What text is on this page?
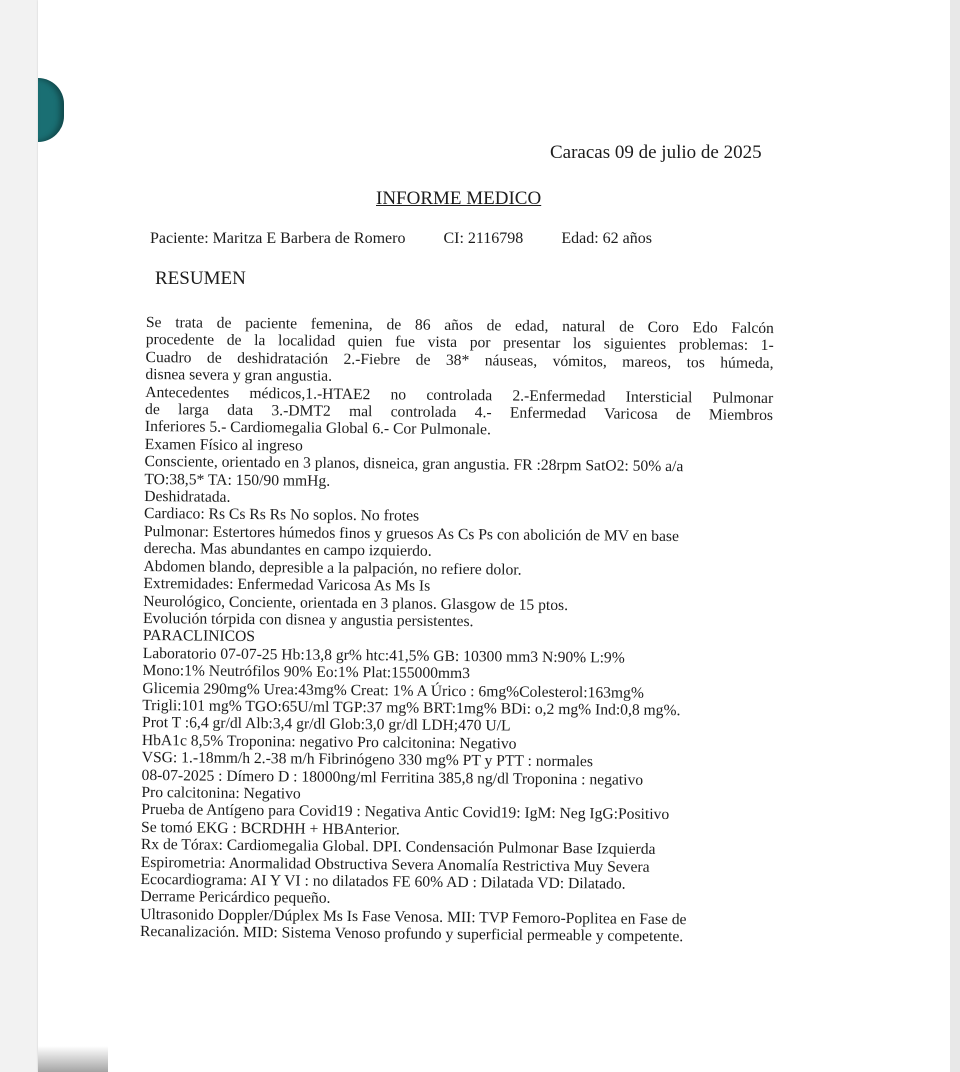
Caracas 09 de julio de 2025
INFORME MEDICO
Paciente: Maritza E Barbera de Romero CI: 2116798 Edad: 62 años
RESUMEN
Se trata de paciente femenina, de 86 años de edad, natural de Coro Edo Falcón
procedente de la localidad quien fue vista por presentar los siguientes problemas: 1-
Cuadro de deshidratación 2.-Fiebre de 38* náuseas, vómitos, mareos, tos húmeda,
disnea severa y gran angustia.
Antecedentes médicos,1.-HTAE2 no controlada 2.-Enfermedad Intersticial Pulmonar
de larga data 3.-DMT2 mal controlada 4.- Enfermedad Varicosa de Miembros
Inferiores 5.- Cardiomegalia Global 6.- Cor Pulmonale.
Examen Físico al ingreso
Consciente, orientado en 3 planos, disneica, gran angustia. FR :28rpm SatO2: 50% a/a
TO:38,5* TA: 150/90 mmHg.
Deshidratada.
Cardiaco: Rs Cs Rs Rs No soplos. No frotes
Pulmonar: Estertores húmedos finos y gruesos As Cs Ps con abolición de MV en base
derecha. Mas abundantes en campo izquierdo.
Abdomen blando, depresible a la palpación, no refiere dolor.
Extremidades: Enfermedad Varicosa As Ms Is
Neurológico, Conciente, orientada en 3 planos. Glasgow de 15 ptos.
Evolución tórpida con disnea y angustia persistentes.
PARACLINICOS
Laboratorio 07-07-25 Hb:13,8 gr% htc:41,5% GB: 10300 mm3 N:90% L:9%
Mono:1% Neutrófilos 90% Eo:1% Plat:155000mm3
Glicemia 290mg% Urea:43mg% Creat: 1% A Úrico : 6mg%Colesterol:163mg%
Trigli:101 mg% TGO:65U/ml TGP:37 mg% BRT:1mg% BDi: o,2 mg% Ind:0,8 mg%.
Prot T :6,4 gr/dl Alb:3,4 gr/dl Glob:3,0 gr/dl LDH;470 U/L
HbA1c 8,5% Troponina: negativo Pro calcitonina: Negativo
VSG: 1.-18mm/h 2.-38 m/h Fibrinógeno 330 mg% PT y PTT : normales
08-07-2025 : Dímero D : 18000ng/ml Ferritina 385,8 ng/dl Troponina : negativo
Pro calcitonina: Negativo
Prueba de Antígeno para Covid19 : Negativa Antic Covid19: IgM: Neg IgG:Positivo
Se tomó EKG : BCRDHH + HBAnterior.
Rx de Tórax: Cardiomegalia Global. DPI. Condensación Pulmonar Base Izquierda
Espirometria: Anormalidad Obstructiva Severa Anomalía Restrictiva Muy Severa
Ecocardiograma: AI Y VI : no dilatados FE 60% AD : Dilatada VD: Dilatado.
Derrame Pericárdico pequeño.
Ultrasonido Doppler/Dúplex Ms Is Fase Venosa. MII: TVP Femoro-Poplitea en Fase de
Recanalización. MID: Sistema Venoso profundo y superficial permeable y competente.
